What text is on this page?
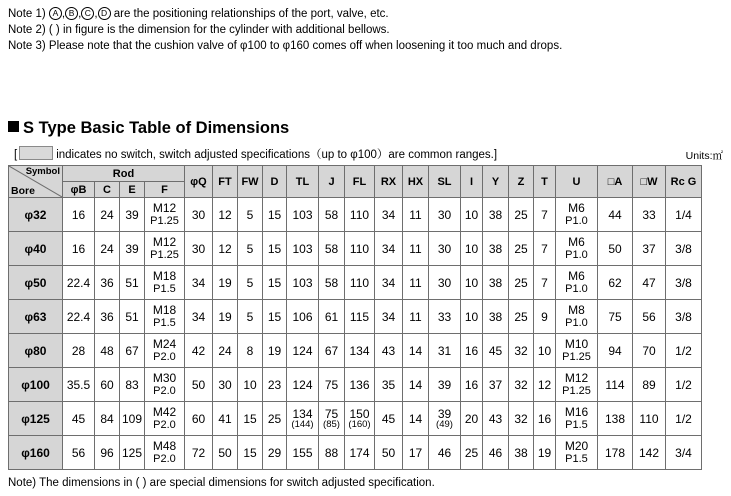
Note 1) A , B , C , D are the positioning relationships of the port, valve, etc.
Note 2) ( ) in figure is the dimension for the cylinder with additional bellows.
Note 3) Please note that the cushion valve of φ100 to φ160 comes off when loosening it too much and drops.
S Type Basic Table of Dimensions
[	indicates no switch, switch adjusted specifications（up to φ100）are common ranges.]	Units:㎡
Symbol
Bore	Rod				φQ	FT	FW	D	TL	J	FL	RX	HX	SL	I	Y	Z	T	U	□A	□W	Rc G
	φB	C	E	F																		
φ32	16	24	39	M12
P1.25	30	12	5	15	103	58	110	34	11	30	10	38	25	7	M6
P1.0	44	33	1/4
φ40	16	24	39	M12
P1.25	30	12	5	15	103	58	110	34	11	30	10	38	25	7	M6
P1.0	50	37	3/8
φ50	22.4	36	51	M18
P1.5	34	19	5	15	103	58	110	34	11	30	10	38	25	7	M6
P1.0	62	47	3/8
φ63	22.4	36	51	M18
P1.5	34	19	5	15	106	61	115	34	11	33	10	38	25	9	M8
P1.0	75	56	3/8
φ80	28	48	67	M24
P2.0	42	24	8	19	124	67	134	43	14	31	16	45	32	10	M10
P1.25	94	70	1/2
φ100	35.5	60	83	M30
P2.0	50	30	10	23	124	75	136	35	14	39	16	37	32	12	M12
P1.25	114	89	1/2
φ125	45	84	109	M42
P2.0	60	41	15	25	134
(144)	75
(85)	150
(160)	45	14	39
(49)	20	43	32	16	M16
P1.5	138	110	1/2
φ160	56	96	125	M48
P2.0	72	50	15	29	155	88	174	50	17	46	25	46	38	19	M20
P1.5	178	142	3/4
Note) The dimensions in ( ) are special dimensions for switch adjusted specification.
